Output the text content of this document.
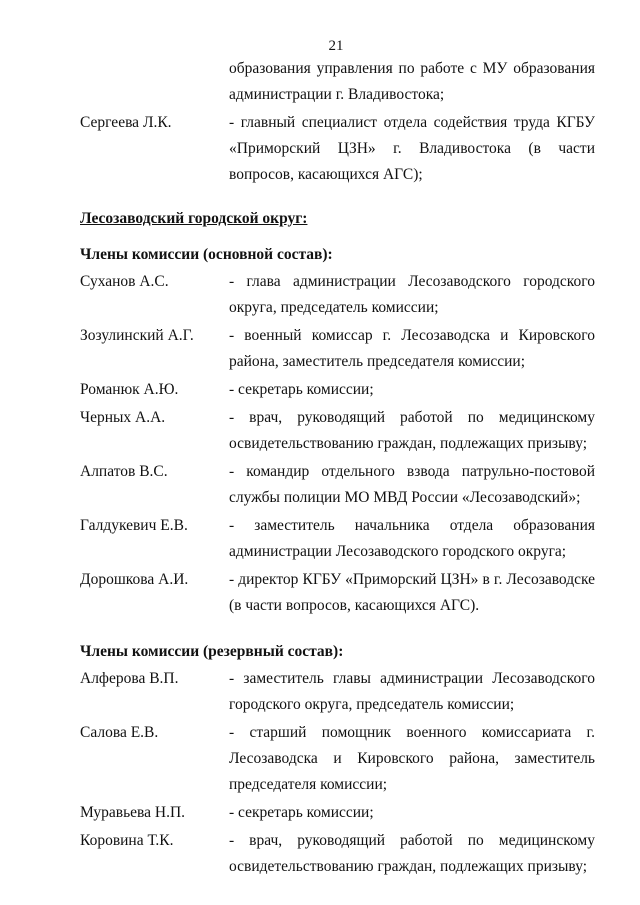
21
образования управления по работе с МУ образования администрации г. Владивостока;
Сергеева Л.К.	- главный специалист отдела содействия труда КГБУ «Приморский ЦЗН» г. Владивостока (в части вопросов, касающихся АГС);
Лесозаводский городской округ:
Члены комиссии (основной состав):
Суханов А.С.	- глава администрации Лесозаводского городского округа, председатель комиссии;
Зозулинский А.Г.	- военный комиссар г. Лесозаводска и Кировского района, заместитель председателя комиссии;
Романюк А.Ю.	- секретарь комиссии;
Черных А.А.	- врач, руководящий работой по медицинскому освидетельствованию граждан, подлежащих призыву;
Алпатов В.С.	- командир отдельного взвода патрульно-постовой службы полиции МО МВД России «Лесозаводский»;
Галдукевич Е.В.	- заместитель начальника отдела образования администрации Лесозаводского городского округа;
Дорошкова А.И.	- директор КГБУ «Приморский ЦЗН» в г. Лесозаводске (в части вопросов, касающихся АГС).
Члены комиссии (резервный состав):
Алферова В.П.	- заместитель главы администрации Лесозаводского городского округа, председатель комиссии;
Салова Е.В.	- старший помощник военного комиссариата г. Лесозаводска и Кировского района, заместитель председателя комиссии;
Муравьева Н.П.	- секретарь комиссии;
Коровина Т.К.	- врач, руководящий работой по медицинскому освидетельствованию граждан, подлежащих призыву;
